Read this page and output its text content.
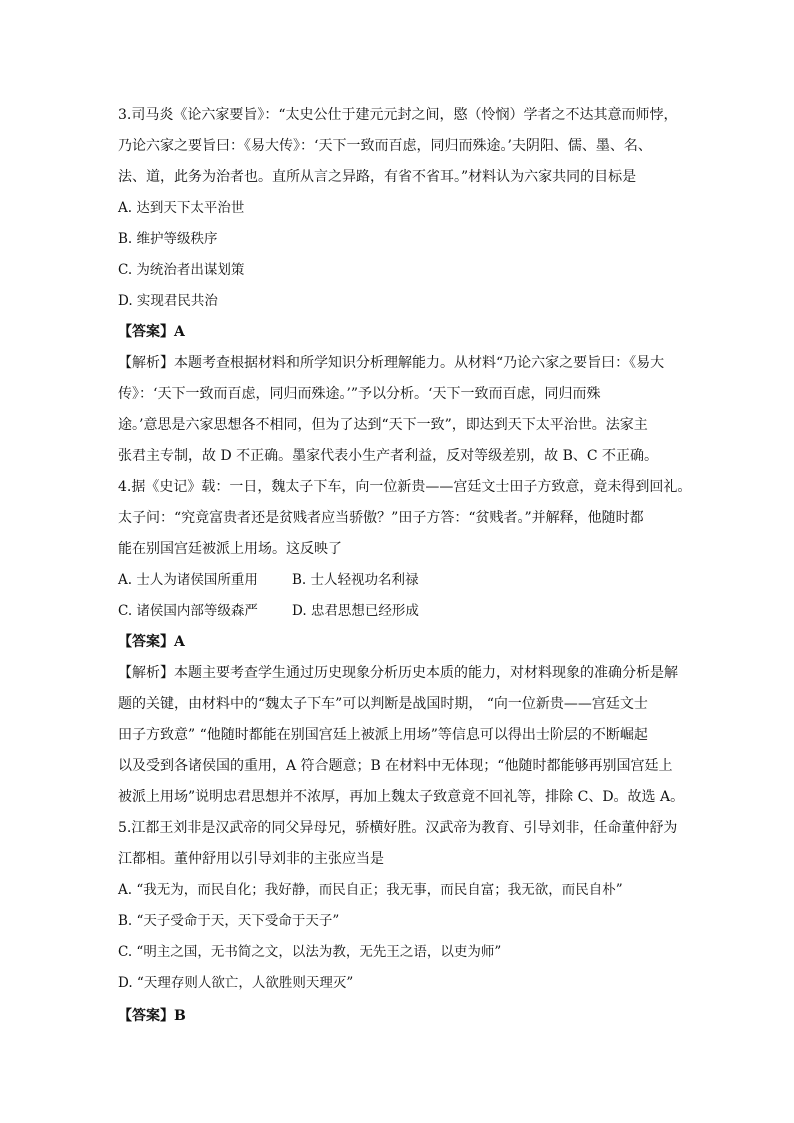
3.司马炎《论六家要旨》：“太史公仕于建元元封之间，愍（怜悯）学者之不达其意而师悖，
乃论六家之要旨曰：《易大传》：‘天下一致而百虑，同归而殊途。’夫阴阳、儒、墨、名、
法、道，此务为治者也。直所从言之异路，有省不省耳。”材料认为六家共同的目标是
A. 达到天下太平治世
B. 维护等级秩序
C. 为统治者出谋划策
D. 实现君民共治
【答案】A
【解析】本题考查根据材料和所学知识分析理解能力。从材料“乃论六家之要旨曰：《易大
传》：‘天下一致而百虑，同归而殊途。’”予以分析。‘天下一致而百虑，同归而殊
途。’意思是六家思想各不相同，但为了达到“天下一致”，即达到天下太平治世。法家主
张君主专制，故 D 不正确。墨家代表小生产者利益，反对等级差别，故 B、C 不正确。
4.据《史记》载：一日，魏太子下车，向一位新贵——宫廷文士田子方致意，竟未得到回礼。
太子问：“究竟富贵者还是贫贱者应当骄傲？”田子方答：“贫贱者。”并解释，他随时都
能在别国宫廷被派上用场。这反映了
A. 士人为诸侯国所重用	B. 士人轻视功名利禄
C. 诸侯国内部等级森严	D. 忠君思想已经形成
【答案】A
【解析】本题主要考查学生通过历史现象分析历史本质的能力，对材料现象的准确分析是解
题的关键，由材料中的“魏太子下车”可以判断是战国时期， “向一位新贵——宫廷文士
田子方致意” “他随时都能在别国宫廷上被派上用场”等信息可以得出士阶层的不断崛起
以及受到各诸侯国的重用，A 符合题意；B 在材料中无体现；“他随时都能够再别国宫廷上
被派上用场”说明忠君思想并不浓厚，再加上魏太子致意竟不回礼等，排除 C、D。故选 A。
5.江都王刘非是汉武帝的同父异母兄，骄横好胜。汉武帝为教育、引导刘非，任命董仲舒为
江都相。董仲舒用以引导刘非的主张应当是
A. “我无为，而民自化；我好静，而民自正；我无事，而民自富；我无欲，而民自朴”
B. “天子受命于天，天下受命于天子”
C. “明主之国，无书简之文，以法为教，无先王之语，以吏为师”
D. “天理存则人欲亡，人欲胜则天理灭”
【答案】B
